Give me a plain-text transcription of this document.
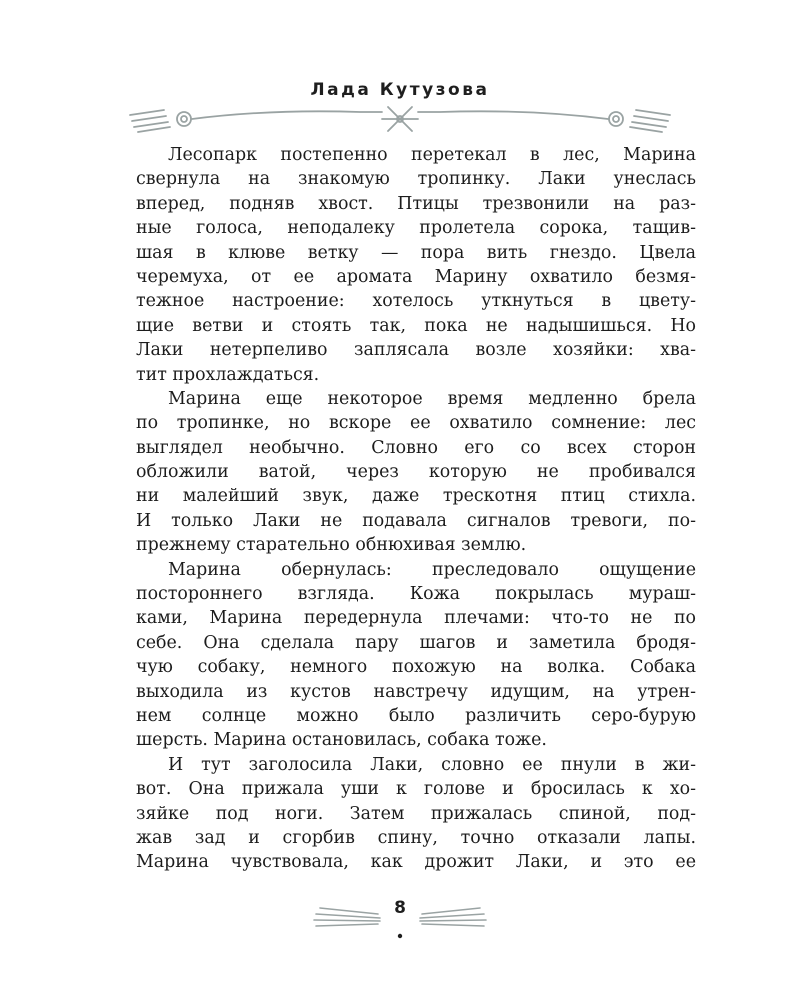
Лада Кутузова
Лесопарк постепенно перетекал в лес, Марина
свернула на знакомую тропинку. Лаки унеслась
вперед, подняв хвост. Птицы трезвонили на раз-
ные голоса, неподалеку пролетела сорока, тащив-
шая в клюве ветку — пора вить гнездо. Цвела
черемуха, от ее аромата Марину охватило безмя-
тежное настроение: хотелось уткнуться в цвету-
щие ветви и стоять так, пока не надышишься. Но
Лаки нетерпеливо заплясала возле хозяйки: хва-
тит прохлаждаться.
Марина еще некоторое время медленно брела
по тропинке, но вскоре ее охватило сомнение: лес
выглядел необычно. Словно его со всех сторон
обложили ватой, через которую не пробивался
ни малейший звук, даже трескотня птиц стихла.
И только Лаки не подавала сигналов тревоги, по-
прежнему старательно обнюхивая землю.
Марина обернулась: преследовало ощущение
постороннего взгляда. Кожа покрылась мураш-
ками, Марина передернула плечами: что-то не по
себе. Она сделала пару шагов и заметила бродя-
чую собаку, немного похожую на волка. Собака
выходила из кустов навстречу идущим, на утрен-
нем солнце можно было различить серо-бурую
шерсть. Марина остановилась, собака тоже.
И тут заголосила Лаки, словно ее пнули в жи-
вот. Она прижала уши к голове и бросилась к хо-
зяйке под ноги. Затем прижалась спиной, под-
жав зад и сгорбив спину, точно отказали лапы.
Марина чувствовала, как дрожит Лаки, и это ее
8
